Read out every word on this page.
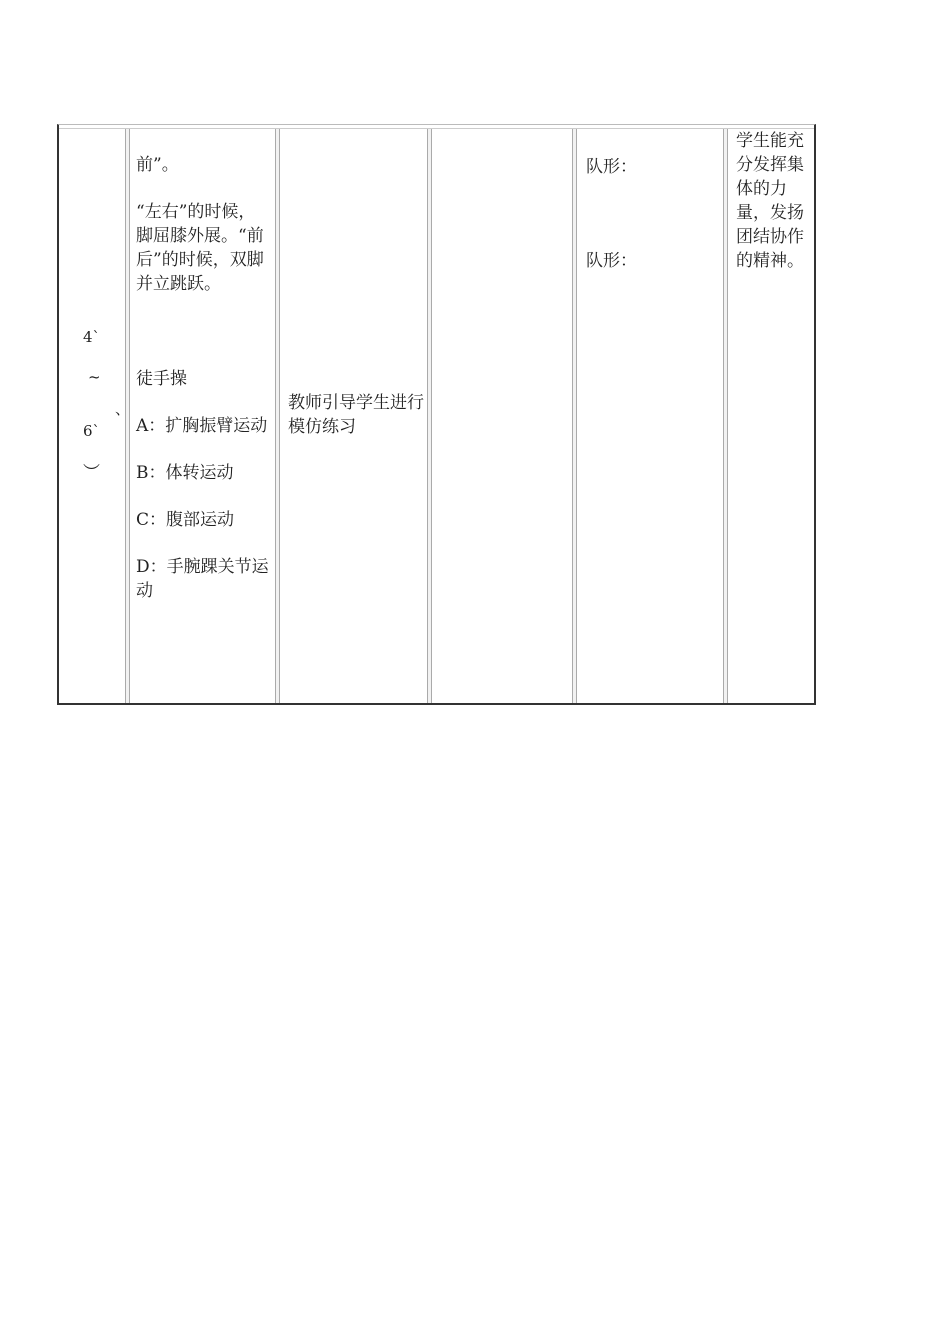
4`
~
、
6`
︶

前”。

“左右”的时候，脚屈膝外展。“前后”的时候，双脚并立跳跃。

徒手操

A：扩胸振臂运动

B：体转运动

C：腹部运动

D：手腕踝关节运动

教师引导学生进行模仿练习
队形：
队形：
学生能充分发挥集体的力量，发扬团结协作的精神。
